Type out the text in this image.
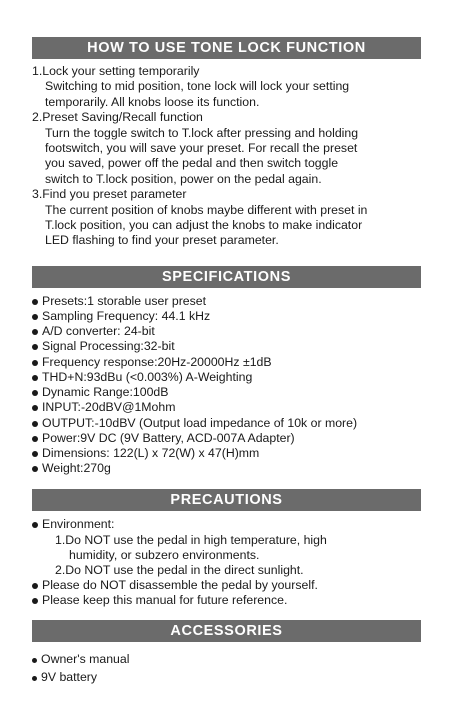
HOW TO USE TONE LOCK FUNCTION
1.Lock your setting temporarily
Switching to mid position, tone lock will lock your setting
temporarily. All knobs loose its function.
2.Preset Saving/Recall function
Turn the toggle switch to T.lock after pressing and holding
footswitch, you will save your preset. For recall the preset
you saved, power off the pedal and then switch toggle
switch to T.lock position, power on the pedal again.
3.Find you preset parameter
The current position of knobs maybe different with preset in
T.lock position, you can adjust the knobs to make indicator
LED flashing to find your preset parameter.
SPECIFICATIONS
Presets:1 storable user preset
Sampling Frequency: 44.1 kHz
A/D converter: 24-bit
Signal Processing:32-bit
Frequency response:20Hz-20000Hz ±1dB
THD+N:93dBu (<0.003%) A-Weighting
Dynamic Range:100dB
INPUT:-20dBV@1Mohm
OUTPUT:-10dBV (Output load impedance of 10k or more)
Power:9V DC (9V Battery, ACD-007A Adapter)
Dimensions: 122(L) x 72(W) x 47(H)mm
Weight:270g
PRECAUTIONS
Environment:
1.Do NOT use the pedal in high temperature, high
humidity, or subzero environments.
2.Do NOT use the pedal in the direct sunlight.
Please do NOT disassemble the pedal by yourself.
Please keep this manual for future reference.
ACCESSORIES
Owner's manual
9V battery
